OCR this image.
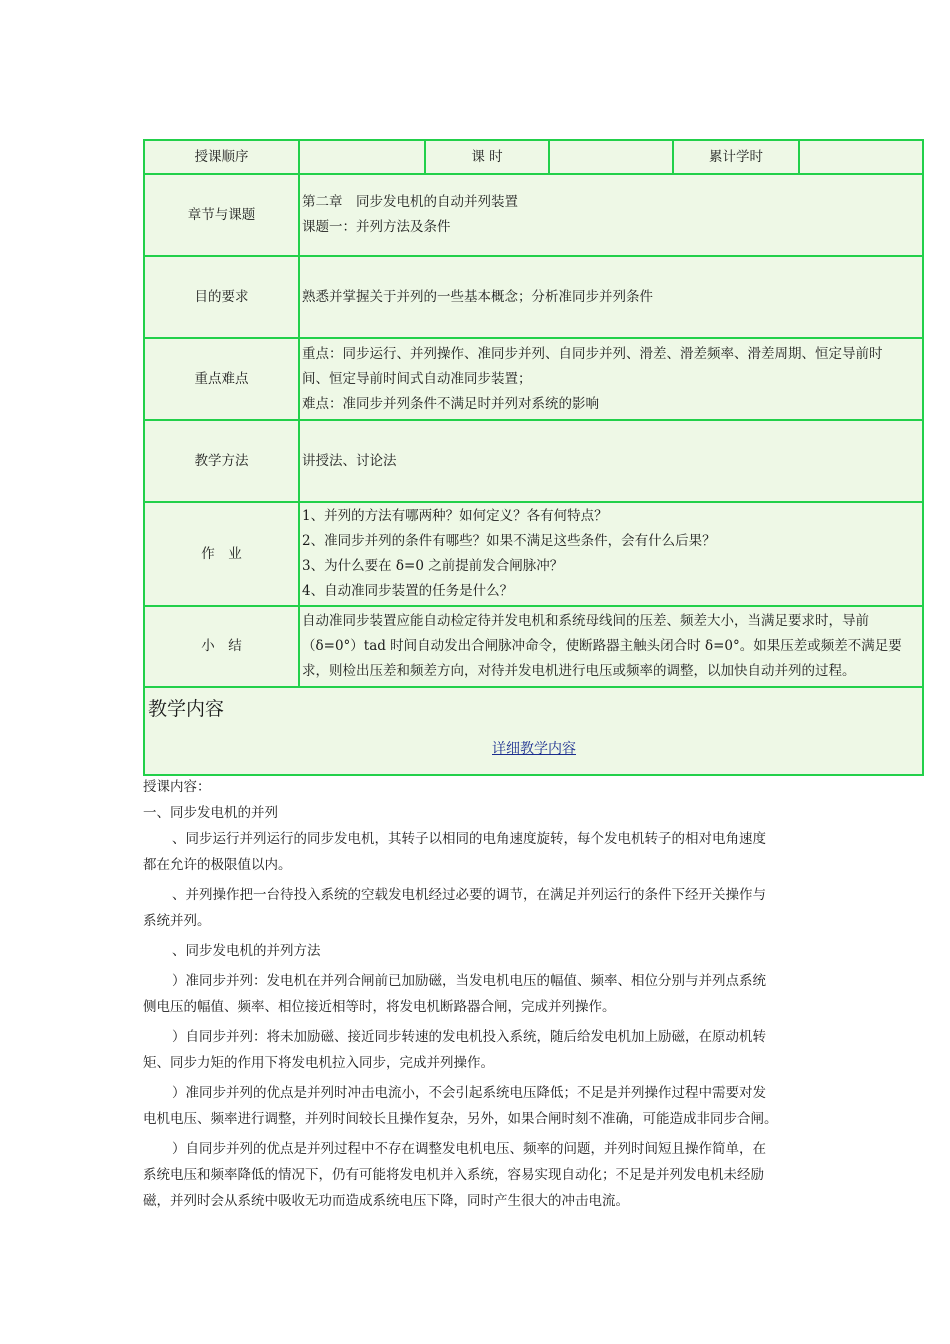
授课顺序		课 时		累计学时	
章节与课题	第二章　同步发电机的自动并列装置
课题一：并列方法及条件				

目的要求	熟悉并掌握关于并列的一些基本概念；分析准同步并列条件				
重点难点	重点：同步运行、并列操作、准同步并列、自同步并列、滑差、滑差频率、滑差周期、恒定导前时
间、恒定导前时间式自动准同步装置；
难点：准同步并列条件不满足时并列对系统的影响				

教学方法	讲授法、讨论法				
作　业	1、并列的方法有哪两种？如何定义？各有何特点？
2、准同步并列的条件有哪些？如果不满足这些条件，会有什么后果？
3、为什么要在 δ=0 之前提前发合闸脉冲？
4、自动准同步装置的任务是什么？				

小　结	自动准同步装置应能自动检定待并发电机和系统母线间的压差、频差大小，当满足要求时，导前
（δ=0°）tad 时间自动发出合闸脉冲命令，使断路器主触头闭合时 δ=0°。如果压差或频差不满足要
求，则检出压差和频差方向，对待并发电机进行电压或频率的调整，以加快自动并列的过程。				

教学内容
详细教学内容					

授课内容：

一、同步发电机的并列

、同步运行并列运行的同步发电机，其转子以相同的电角速度旋转，每个发电机转子的相对电角速度
都在允许的极限值以内。

、并列操作把一台待投入系统的空载发电机经过必要的调节，在满足并列运行的条件下经开关操作与
系统并列。

、同步发电机的并列方法

）准同步并列：发电机在并列合闸前已加励磁，当发电机电压的幅值、频率、相位分别与并列点系统
侧电压的幅值、频率、相位接近相等时，将发电机断路器合闸，完成并列操作。

）自同步并列：将未加励磁、接近同步转速的发电机投入系统，随后给发电机加上励磁，在原动机转
矩、同步力矩的作用下将发电机拉入同步，完成并列操作。

）准同步并列的优点是并列时冲击电流小，不会引起系统电压降低；不足是并列操作过程中需要对发
电机电压、频率进行调整，并列时间较长且操作复杂，另外，如果合闸时刻不准确，可能造成非同步合闸。

）自同步并列的优点是并列过程中不存在调整发电机电压、频率的问题，并列时间短且操作简单，在
系统电压和频率降低的情况下，仍有可能将发电机并入系统，容易实现自动化；不足是并列发电机未经励
磁，并列时会从系统中吸收无功而造成系统电压下降，同时产生很大的冲击电流。
